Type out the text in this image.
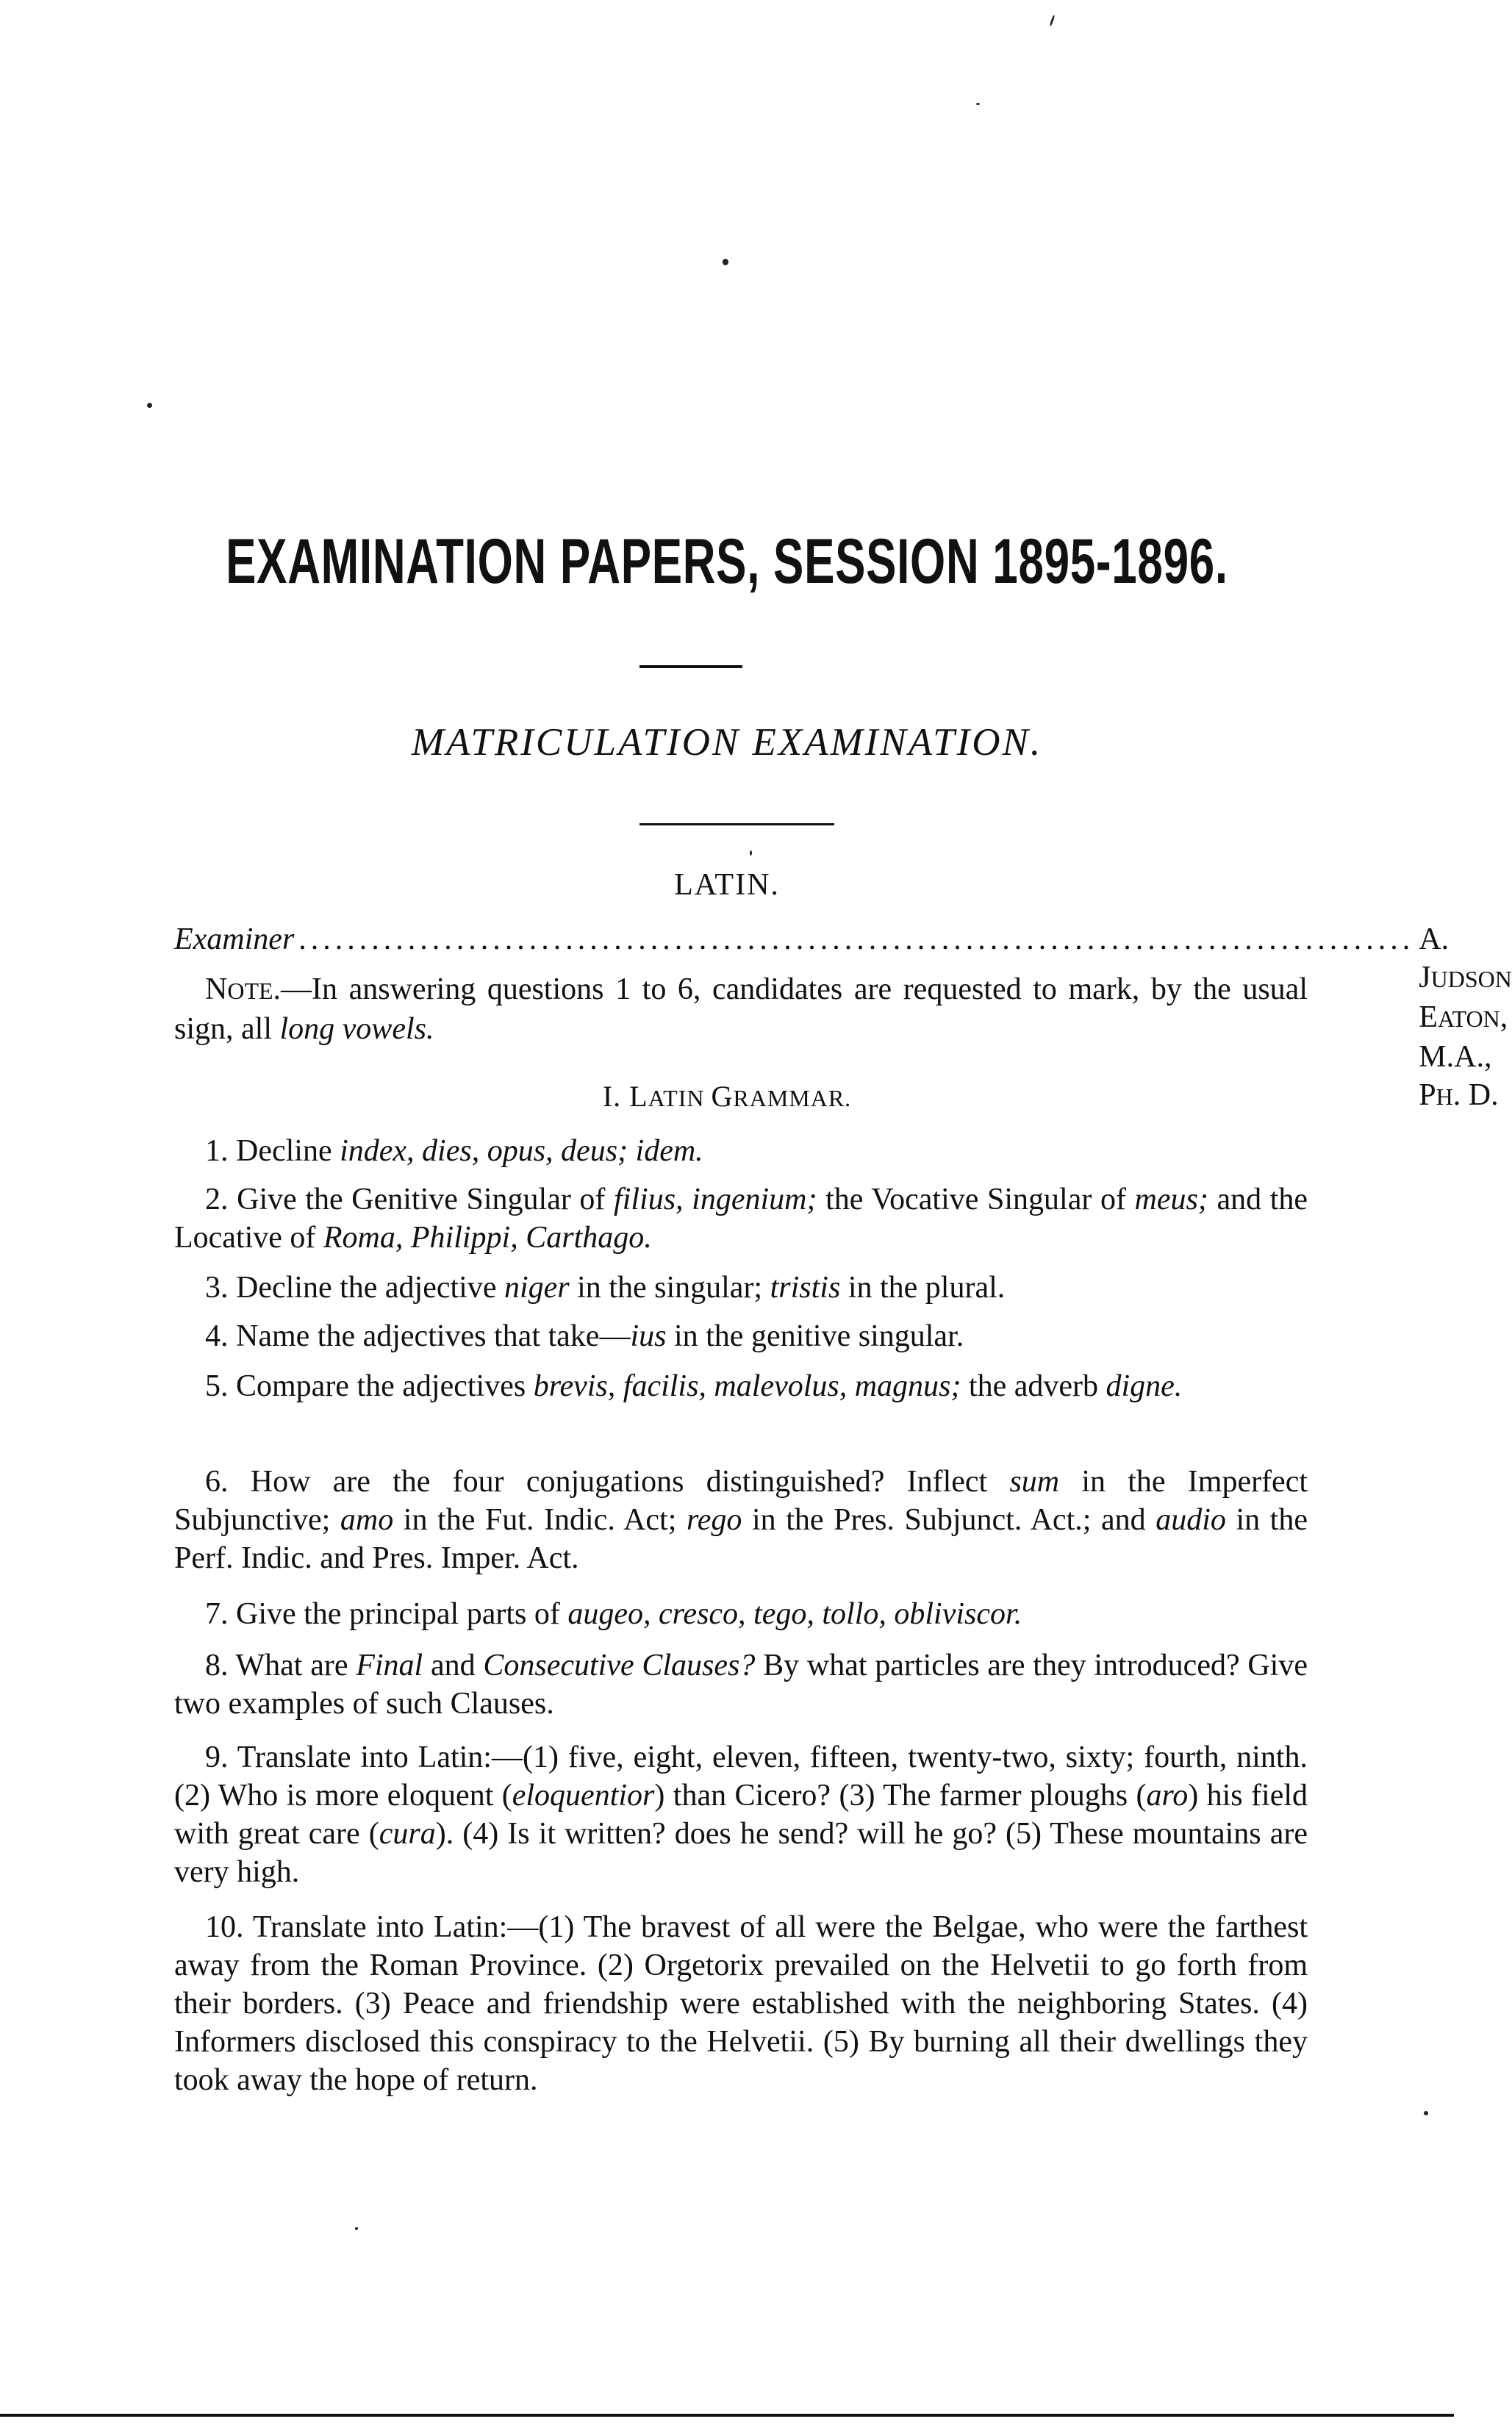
EXAMINATION PAPERS, SESSION 1895-1896.
MATRICULATION EXAMINATION.
LATIN.
Examiner ............................................................................................ A. JUDSON EATON, M.A., PH. D.
NOTE.—In answering questions 1 to 6, candidates are requested to mark, by the usual sign, all long vowels.
I. LATIN GRAMMAR.
1. Decline index, dies, opus, deus; idem.
2. Give the Genitive Singular of filius, ingenium; the Vocative Singular of meus; and the Locative of Roma, Philippi, Carthago.
3. Decline the adjective niger in the singular; tristis in the plural.
4. Name the adjectives that take—ius in the genitive singular.
5. Compare the adjectives brevis, facilis, malevolus, magnus; the adverb digne.
6. How are the four conjugations distinguished? Inflect sum in the Imperfect Subjunctive; amo in the Fut. Indic. Act; rego in the Pres. Subjunct. Act.; and audio in the Perf. Indic. and Pres. Imper. Act.
7. Give the principal parts of augeo, cresco, tego, tollo, obliviscor.
8. What are Final and Consecutive Clauses? By what particles are they introduced? Give two examples of such Clauses.
9. Translate into Latin:—(1) five, eight, eleven, fifteen, twenty-two, sixty; fourth, ninth. (2) Who is more eloquent (eloquentior) than Cicero? (3) The farmer ploughs (aro) his field with great care (cura). (4) Is it written? does he send? will he go? (5) These mountains are very high.
10. Translate into Latin:—(1) The bravest of all were the Belgae, who were the farthest away from the Roman Province. (2) Orgetorix prevailed on the Helvetii to go forth from their borders. (3) Peace and friendship were established with the neighboring States. (4) Informers disclosed this conspiracy to the Helvetii. (5) By burning all their dwellings they took away the hope of return.
